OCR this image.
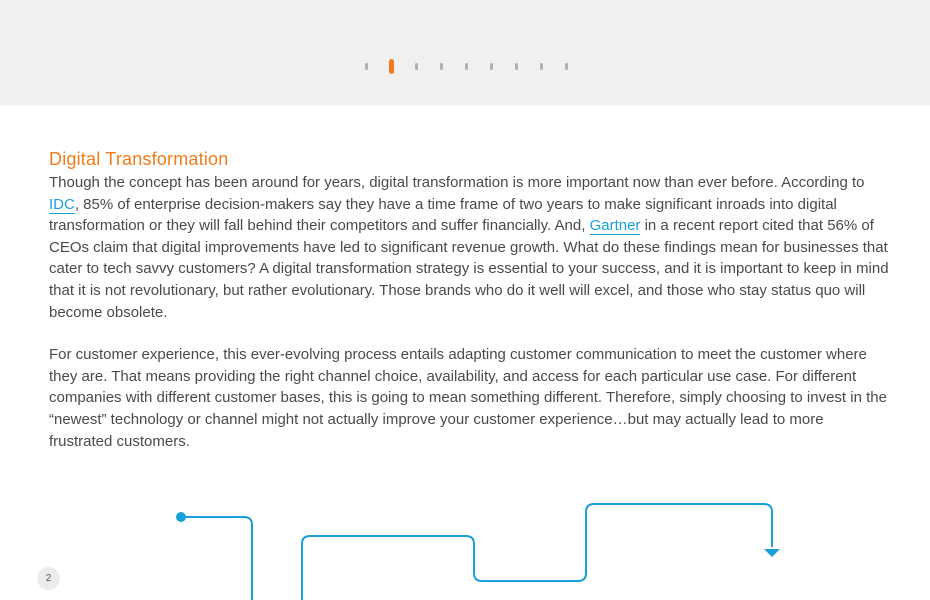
Digital Transformation

Though the concept has been around for years, digital transformation is more important now than ever before. According to IDC, 85% of enterprise decision-makers say they have a time frame of two years to make significant inroads into digital transformation or they will fall behind their competitors and suffer financially. And, Gartner in a recent report cited that 56% of CEOs claim that digital improvements have led to significant revenue growth. What do these findings mean for businesses that cater to tech savvy customers? A digital transformation strategy is essential to your success, and it is important to keep in mind that it is not revolutionary, but rather evolutionary. Those brands who do it well will excel, and those who stay status quo will become obsolete.

For customer experience, this ever-evolving process entails adapting customer communication to meet the customer where they are. That means providing the right channel choice, availability, and access for each particular use case. For different companies with different customer bases, this is going to mean something different. Therefore, simply choosing to invest in the “newest” technology or channel might not actually improve your customer experience…but may actually lead to more frustrated customers.

2
